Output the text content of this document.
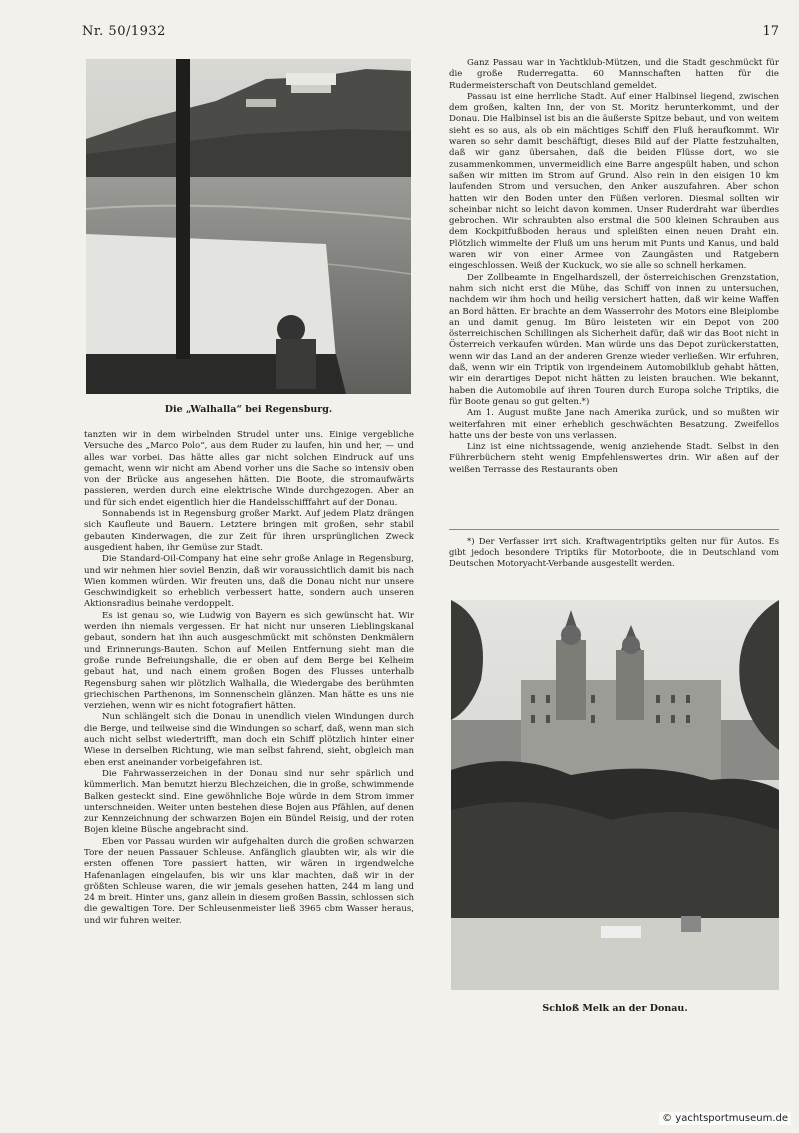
Nr. 50/1932	17
Die „Walhalla“ bei Regensburg.

tanzten wir in dem wirbelnden Strudel unter uns. Einige vergebliche Versuche des „Marco Polo“, aus dem Ruder zu laufen, hin und her, — und alles war vorbei. Das hätte alles gar nicht solchen Eindruck auf uns gemacht, wenn wir nicht am Abend vorher uns die Sache so intensiv oben von der Brücke aus angesehen hätten. Die Boote, die stromaufwärts passieren, werden durch eine elektrische Winde durchgezogen. Aber an und für sich endet eigentlich hier die Handelsschifffahrt auf der Donau.

Sonnabends ist in Regensburg großer Markt. Auf jedem Platz drängen sich Kaufleute und Bauern. Letztere bringen mit großen, sehr stabil gebauten Kinderwagen, die zur Zeit für ihren ursprünglichen Zweck ausgedient haben, ihr Gemüse zur Stadt.

Die Standard-Oil-Company hat eine sehr große Anlage in Regensburg, und wir nehmen hier soviel Benzin, daß wir voraussichtlich damit bis nach Wien kommen würden. Wir freuten uns, daß die Donau nicht nur unsere Geschwindigkeit so erheblich verbessert hatte, sondern auch unseren Aktionsradius beinahe verdoppelt.

Es ist genau so, wie Ludwig von Bayern es sich gewünscht hat. Wir werden ihn niemals vergessen. Er hat nicht nur unseren Lieblingskanal gebaut, sondern hat ihn auch ausgeschmückt mit schönsten Denkmälern und Erinnerungs-Bauten. Schon auf Meilen Entfernung sieht man die große runde Befreiungshalle, die er oben auf dem Berge bei Kelheim gebaut hat, und nach einem großen Bogen des Flusses unterhalb Regensburg sahen wir plötzlich Walhalla, die Wiedergabe des berühmten griechischen Parthenons, im Sonnenschein glänzen. Man hätte es uns nie verziehen, wenn wir es nicht fotografiert hätten.

Nun schlängelt sich die Donau in unendlich vielen Windungen durch die Berge, und teilweise sind die Windungen so scharf, daß, wenn man sich auch nicht selbst wiedertrifft, man doch ein Schiff plötzlich hinter einer Wiese in derselben Richtung, wie man selbst fahrend, sieht, obgleich man eben erst aneinander vorbeigefahren ist.

Die Fahrwasserzeichen in der Donau sind nur sehr spärlich und kümmerlich. Man benutzt hierzu Blechzeichen, die in große, schwimmende Balken gesteckt sind. Eine gewöhnliche Boje würde in dem Strom immer unterschneiden. Weiter unten bestehen diese Bojen aus Pfählen, auf denen zur Kennzeichnung der schwarzen Bojen ein Bündel Reisig, und der roten Bojen kleine Büsche angebracht sind.

Eben vor Passau wurden wir aufgehalten durch die großen schwarzen Tore der neuen Passauer Schleuse. Anfänglich glaubten wir, als wir die ersten offenen Tore passiert hatten, wir wären in irgendwelche Hafenanlagen eingelaufen, bis wir uns klar machten, daß wir in der größten Schleuse waren, die wir jemals gesehen hatten, 244 m lang und 24 m breit. Hinter uns, ganz allein in diesem großen Bassin, schlossen sich die gewaltigen Tore. Der Schleusenmeister ließ 3965 cbm Wasser heraus, und wir fuhren weiter.

Ganz Passau war in Yachtklub-Mützen, und die Stadt geschmückt für die große Ruderregatta. 60 Mannschaften hatten für die Rudermeisterschaft von Deutschland gemeldet.

Passau ist eine herrliche Stadt. Auf einer Halbinsel liegend, zwischen dem großen, kalten Inn, der von St. Moritz herunterkommt, und der Donau. Die Halbinsel ist bis an die äußerste Spitze bebaut, und von weitem sieht es so aus, als ob ein mächtiges Schiff den Fluß heraufkommt. Wir waren so sehr damit beschäftigt, dieses Bild auf der Platte festzuhalten, daß wir ganz übersahen, daß die beiden Flüsse dort, wo sie zusammenkommen, unvermeidlich eine Barre angespült haben, und schon saßen wir mitten im Strom auf Grund. Also rein in den eisigen 10 km laufenden Strom und versuchen, den Anker auszufahren. Aber schon hatten wir den Boden unter den Füßen verloren. Diesmal sollten wir scheinbar nicht so leicht davon kommen. Unser Ruderdraht war überdies gebrochen. Wir schraubten also erstmal die 500 kleinen Schrauben aus dem Kockpitfußboden heraus und spleißten einen neuen Draht ein. Plötzlich wimmelte der Fluß um uns herum mit Punts und Kanus, und bald waren wir von einer Armee von Zaungästen und Ratgebern eingeschlossen. Weiß der Kuckuck, wo sie alle so schnell herkamen.

Der Zollbeamte in Engelhardszell, der österreichischen Grenzstation, nahm sich nicht erst die Mühe, das Schiff von innen zu untersuchen, nachdem wir ihm hoch und heilig versichert hatten, daß wir keine Waffen an Bord hätten. Er brachte an dem Wasserrohr des Motors eine Bleiplombe an und damit genug. Im Büro leisteten wir ein Depot von 200 österreichischen Schillingen als Sicherheit dafür, daß wir das Boot nicht in Österreich verkaufen würden. Man würde uns das Depot zurückerstatten, wenn wir das Land an der anderen Grenze wieder verließen. Wir erfuhren, daß, wenn wir ein Triptik von irgendeinem Automobilklub gehabt hätten, wir ein derartiges Depot nicht hätten zu leisten brauchen. Wie bekannt, haben die Automobile auf ihren Touren durch Europa solche Triptiks, die für Boote genau so gut gelten.*)

Am 1. August mußte Jane nach Amerika zurück, und so mußten wir weiterfahren mit einer erheblich geschwächten Besatzung. Zweifellos hatte uns der beste von uns verlassen.

Linz ist eine nichtssagende, wenig anziehende Stadt. Selbst in den Führerbüchern steht wenig Empfehlenswertes drin. Wir aßen auf der weißen Terrasse des Restaurants oben

*) Der Verfasser irrt sich. Kraftwagentriptiks gelten nur für Autos. Es gibt jedoch besondere Triptiks für Motorboote, die in Deutschland vom Deutschen Motoryacht-Verbande ausgestellt werden.

Schloß Melk an der Donau.
© yachtsportmuseum.de
